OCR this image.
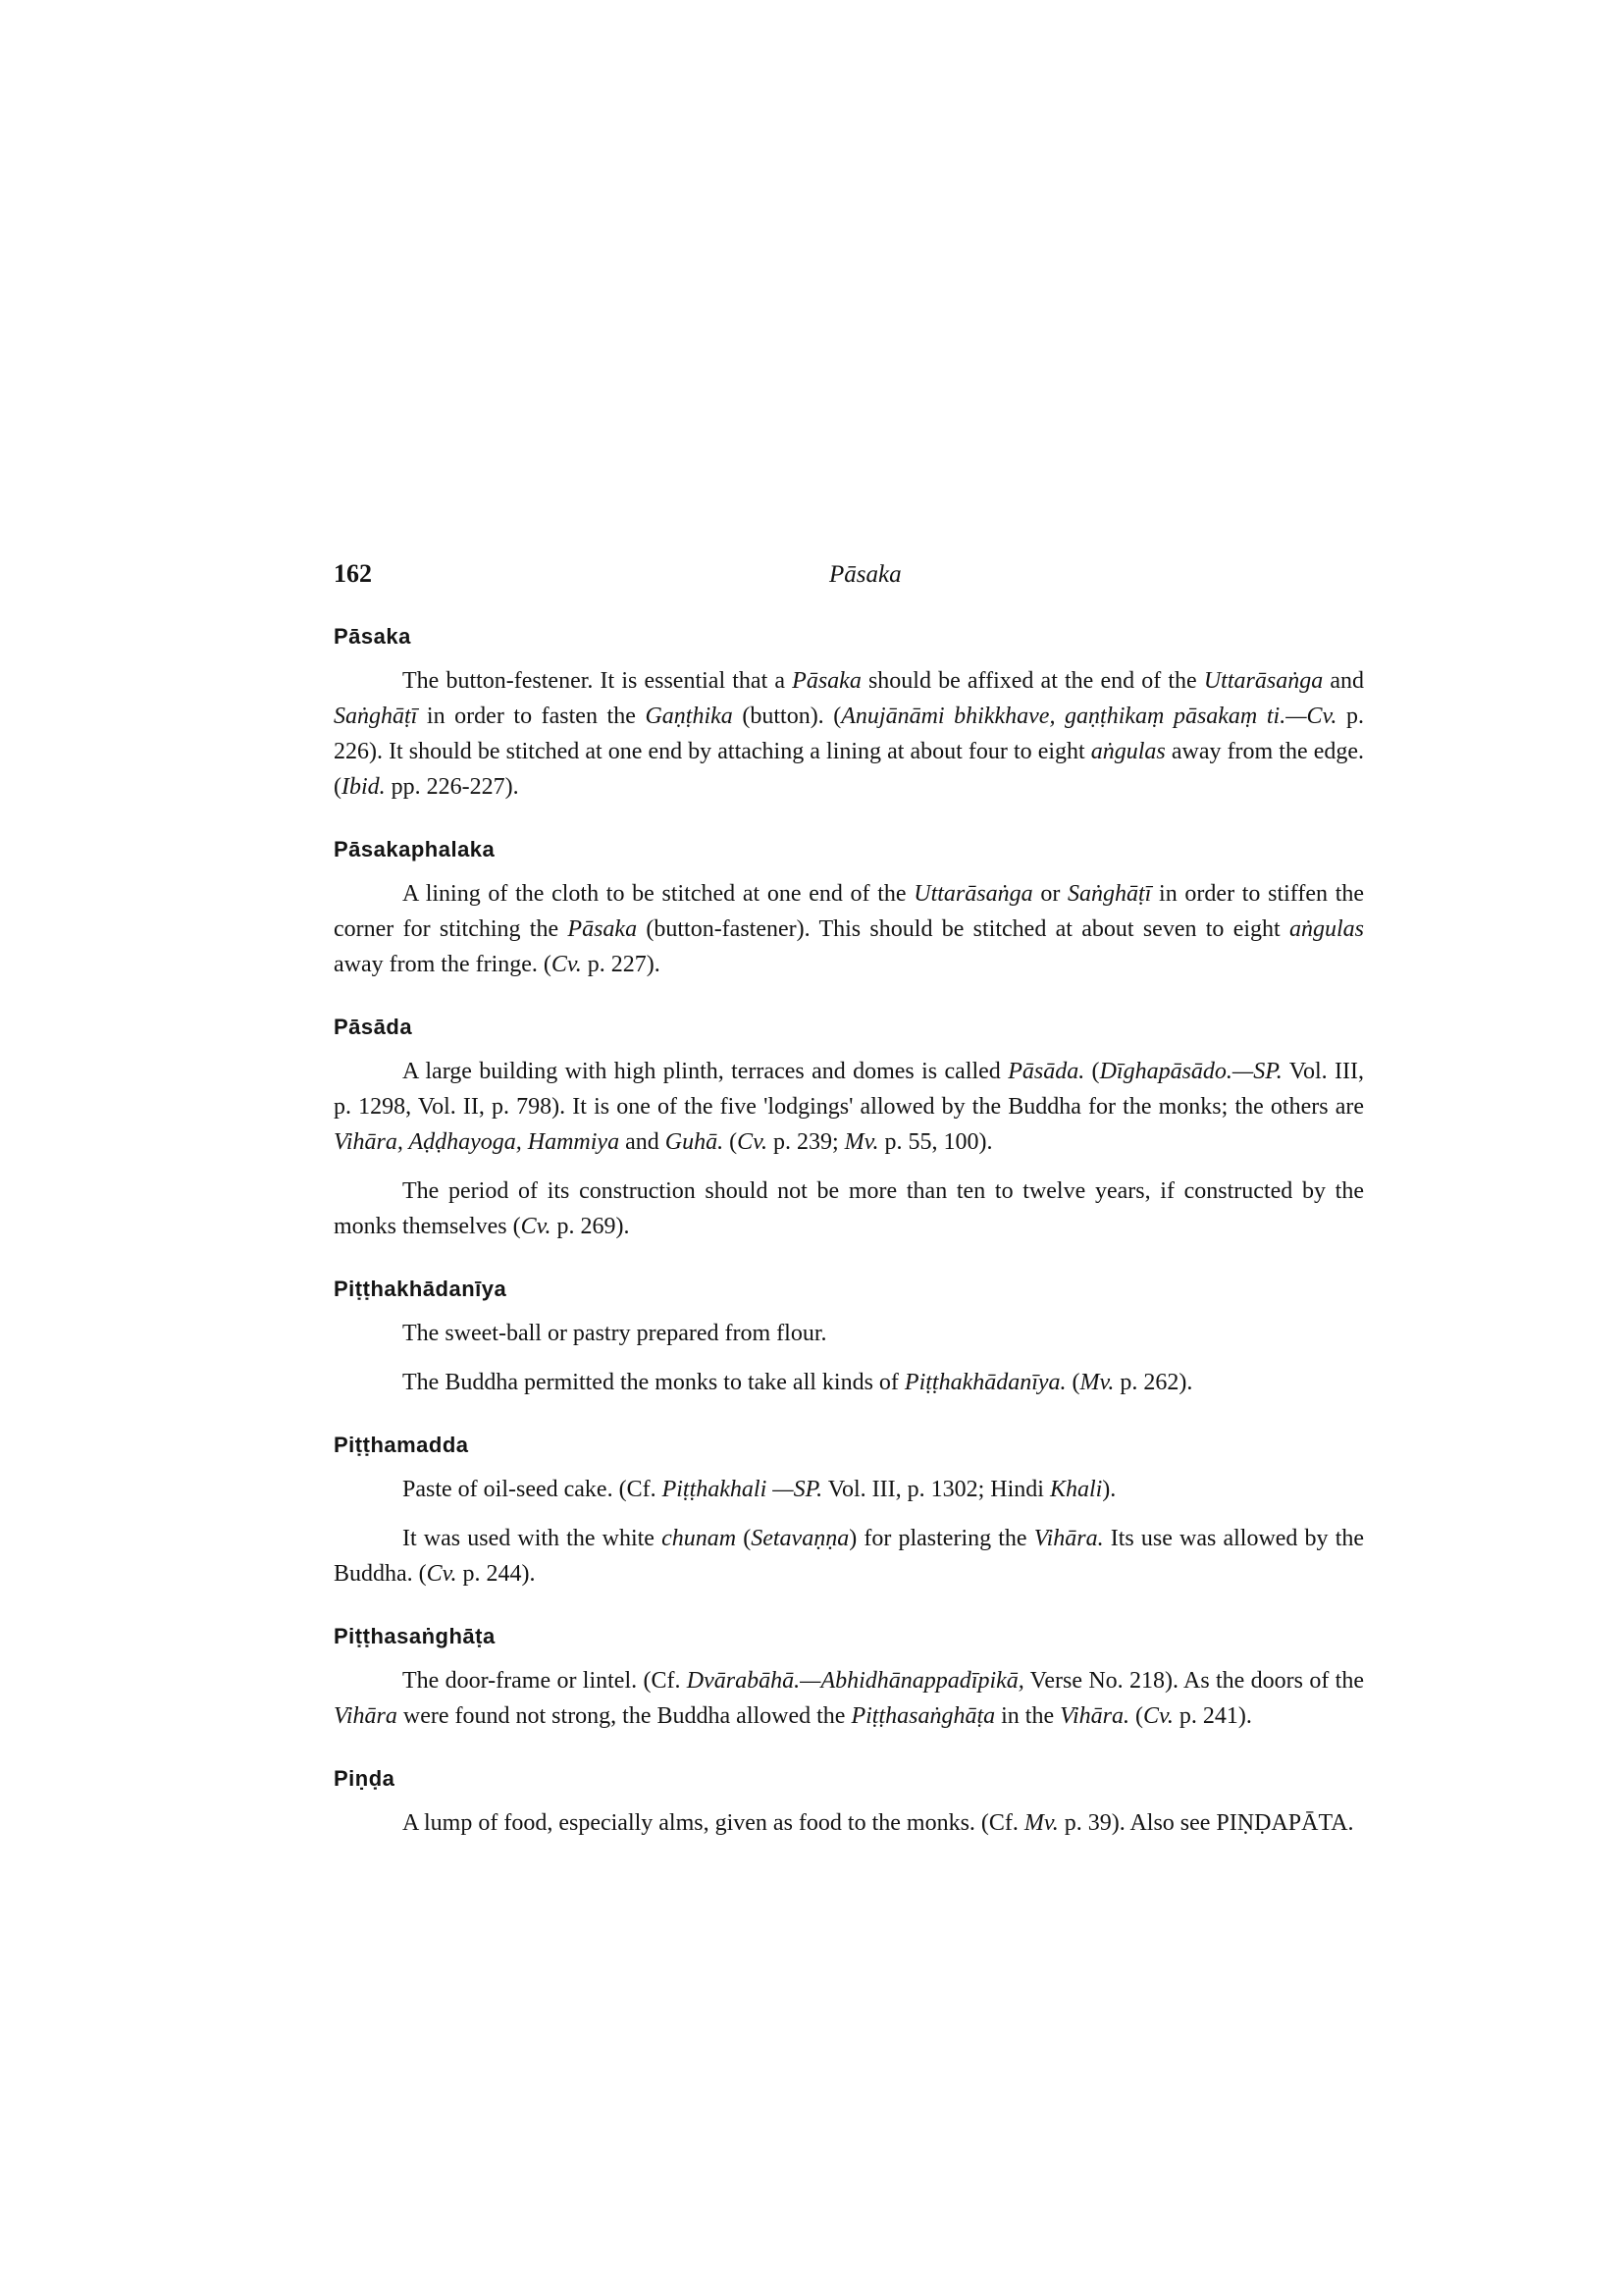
162	Pāsaka
Pāsaka

The button-festener. It is essential that a Pāsaka should be affixed at the end of the Uttarāsaṅga and Saṅghāṭī in order to fasten the Gaṇṭhika (button). (Anujānāmi bhikkhave, gaṇṭhikaṃ pāsakaṃ ti.—Cv. p. 226). It should be stitched at one end by attaching a lining at about four to eight aṅgulas away from the edge. (Ibid. pp. 226-227).

Pāsakaphalaka

A lining of the cloth to be stitched at one end of the Uttarāsaṅga or Saṅghāṭī in order to stiffen the corner for stitching the Pāsaka (button-fastener). This should be stitched at about seven to eight aṅgulas away from the fringe. (Cv. p. 227).

Pāsāda

A large building with high plinth, terraces and domes is called Pāsāda. (Dīghapāsādo.—SP. Vol. III, p. 1298, Vol. II, p. 798). It is one of the five 'lodgings' allowed by the Buddha for the monks; the others are Vihāra, Aḍḍhayoga, Hammiya and Guhā. (Cv. p. 239; Mv. p. 55, 100).

The period of its construction should not be more than ten to twelve years, if constructed by the monks themselves (Cv. p. 269).

Piṭṭhakhādanīya

The sweet-ball or pastry prepared from flour.

The Buddha permitted the monks to take all kinds of Piṭṭhakhādanīya. (Mv. p. 262).

Piṭṭhamadda

Paste of oil-seed cake. (Cf. Piṭṭhakhali —SP. Vol. III, p. 1302; Hindi Khali).

It was used with the white chunam (Setavaṇṇa) for plastering the Vihāra. Its use was allowed by the Buddha. (Cv. p. 244).

Piṭṭhasaṅghāṭa

The door-frame or lintel. (Cf. Dvārabāhā.—Abhidhānappadīpikā, Verse No. 218). As the doors of the Vihāra were found not strong, the Buddha allowed the Piṭṭhasaṅghāṭa in the Vihāra. (Cv. p. 241).

Piṇḍa

A lump of food, especially alms, given as food to the monks. (Cf. Mv. p. 39). Also see PIṆḌAPĀTA.
